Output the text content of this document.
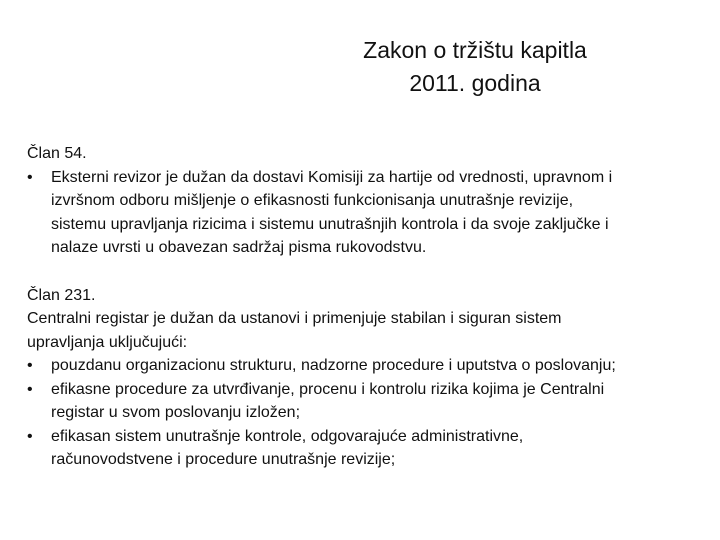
Zakon o tržištu kapitla
2011. godina
Član 54.
•	Eksterni revizor je dužan da dostavi Komisiji za hartije od vrednosti, upravnom i
izvršnom odboru mišljenje o efikasnosti funkcionisanja unutrašnje revizije,
sistemu upravljanja rizicima i sistemu unutrašnjih kontrola i da svoje zaključke i
nalaze uvrsti u obavezan sadržaj pisma rukovodstvu.
Član 231.
Centralni registar je dužan da ustanovi i primenjuje stabilan i siguran sistem
upravljanja uključujući:
•	pouzdanu organizacionu strukturu, nadzorne procedure i uputstva o poslovanju;
•	efikasne procedure za utvrđivanje, procenu i kontrolu rizika kojima je Centralni
registar u svom poslovanju izložen;
•	efikasan sistem unutrašnje kontrole, odgovarajuće administrativne,
računovodstvene i procedure unutrašnje revizije;
